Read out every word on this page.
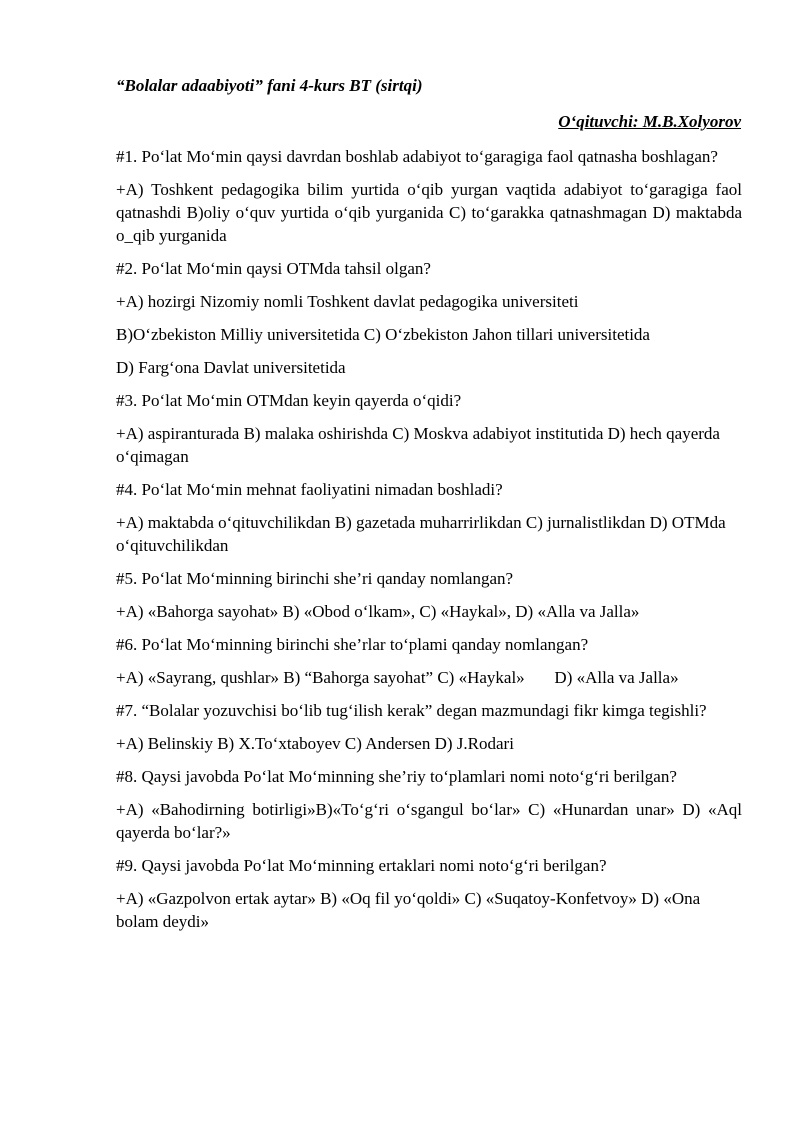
“Bolalar adaabiyoti” fani 4-kurs BT (sirtqi)
O‘qituvchi: M.B.Xolyorov

#1. Po‘lat Mo‘min qaysi davrdan boshlab adabiyot to‘garagiga faol qatnasha boshlagan?

+A) Toshkent pedagogika bilim yurtida o‘qib yurgan vaqtida adabiyot to‘garagiga faol qatnashdi B)oliy o‘quv yurtida o‘qib yurganida C) to‘garakka qatnashmagan D) maktabda o_qib yurganida

#2. Po‘lat Mo‘min qaysi OTMda tahsil olgan?

+A) hozirgi Nizomiy nomli Toshkent davlat pedagogika universiteti

B)O‘zbekiston Milliy universitetida C) O‘zbekiston Jahon tillari universitetida

D) Farg‘ona Davlat universitetida

#3. Po‘lat Mo‘min OTMdan keyin qayerda o‘qidi?

+A) aspiranturada B) malaka oshirishda C) Moskva adabiyot institutida D) hech qayerda o‘qimagan

#4. Po‘lat Mo‘min mehnat faoliyatini nimadan boshladi?

+A) maktabda o‘qituvchilikdan B) gazetada muharrirlikdan C) jurnalistlikdan D) OTMda o‘qituvchilikdan

#5. Po‘lat Mo‘minning birinchi she’ri qanday nomlangan?

+A) «Bahorga sayohat» B) «Obod o‘lkam», C) «Haykal», D) «Alla va Jalla»

#6. Po‘lat Mo‘minning birinchi she’rlar to‘plami qanday nomlangan?

+A) «Sayrang, qushlar» B) “Bahorga sayohat” C) «Haykal»       D) «Alla va Jalla»

#7. “Bolalar yozuvchisi bo‘lib tug‘ilish kerak” degan mazmundagi fikr kimga tegishli?

+A) Belinskiy B) X.To‘xtaboyev C) Andersen D) J.Rodari

#8. Qaysi javobda Po‘lat Mo‘minning she’riy to‘plamlari nomi noto‘g‘ri berilgan?

+A) «Bahodirning botirligi»B)«To‘g‘ri o‘sgangul bo‘lar» C) «Hunardan unar» D) «Aql qayerda bo‘lar?»

#9. Qaysi javobda Po‘lat Mo‘minning ertaklari nomi noto‘g‘ri berilgan?

+A) «Gazpolvon ertak aytar» B) «Oq fil yo‘qoldi» C) «Suqatoy-Konfetvoy» D) «Ona bolam deydi»
